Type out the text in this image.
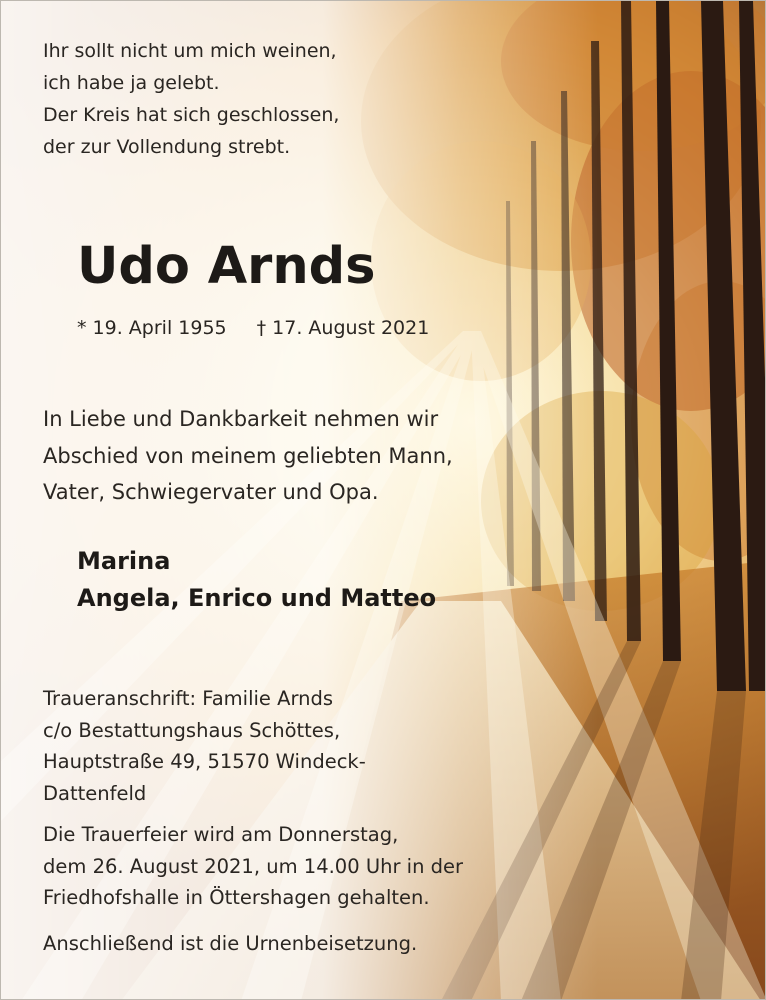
Ihr sollt nicht um mich weinen,
ich habe ja gelebt.
Der Kreis hat sich geschlossen,
der zur Vollendung strebt.
Udo Arnds
* 19. April 1955 † 17. August 2021
In Liebe und Dankbarkeit nehmen wir
Abschied von meinem geliebten Mann,
Vater, Schwiegervater und Opa.
Marina
Angela, Enrico und Matteo
Traueranschrift: Familie Arnds
c/o Bestattungshaus Schöttes,
Hauptstraße 49, 51570 Windeck-
Dattenfeld
Die Trauerfeier wird am Donnerstag,
dem 26. August 2021, um 14.00 Uhr in der
Friedhofshalle in Öttershagen gehalten.
Anschließend ist die Urnenbeisetzung.
